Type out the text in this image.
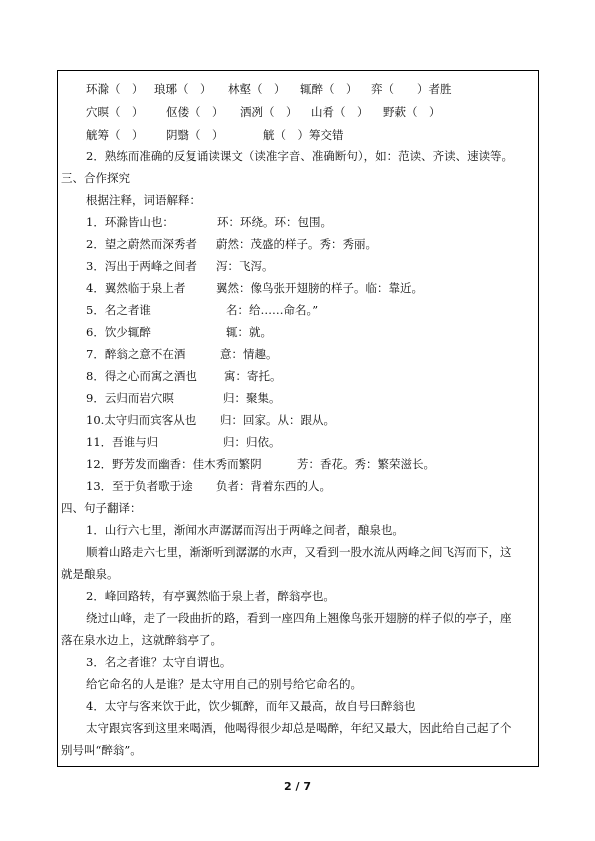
环滁（　） 琅琊（　） 林壑（　） 辄醉（　） 弈（　　）者胜
穴暝（　） 伛偻（　） 洒冽（　） 山肴（　） 野蔌（　）
觥筹（　） 阴翳（　）	觥（　）筹交错
2．熟练而准确的反复诵读课文（读准字音、准确断句），如：范读、齐读、速读等。
三、合作探究
根据注释，词语解释：
1．环滁皆山也：	环：环绕。环：包围。
2．望之蔚然而深秀者 蔚然：茂盛的样子。秀：秀丽。
3．泻出于两峰之间者 泻：飞泻。
4．翼然临于泉上者	翼然：像鸟张开翅膀的样子。临：靠近。
5．名之者谁	名：给……命名。”
6．饮少辄醉	辄：就。
7．醉翁之意不在酒	意：情趣。
8．得之心而寓之酒也 寓：寄托。
9．云归而岩穴暝	归：聚集。
10.太守归而宾客从也 归：回家。从：跟从。
11．吾谁与归	归：归依。
12．野芳发而幽香：佳木秀而繁阴	芳：香花。秀：繁荣滋长。
13．至于负者歌于途 负者：背着东西的人。
四、句子翻译：
1．山行六七里，渐闻水声潺潺而泻出于两峰之间者，酿泉也。
顺着山路走六七里，渐渐听到潺潺的水声，又看到一股水流从两峰之间飞泻而下，这
就是酿泉。
2．峰回路转，有亭翼然临于泉上者，醉翁亭也。
绕过山峰，走了一段曲折的路，看到一座四角上翘像鸟张开翅膀的样子似的亭子，座
落在泉水边上，这就醉翁亭了。
3．名之者谁？太守自谓也。
给它命名的人是谁？是太守用自己的别号给它命名的。
4．太守与客来饮于此，饮少辄醉，而年又最高，故自号曰醉翁也
太守跟宾客到这里来喝酒，他喝得很少却总是喝醉，年纪又最大，因此给自己起了个
别号叫“醉翁”。
2 / 7
